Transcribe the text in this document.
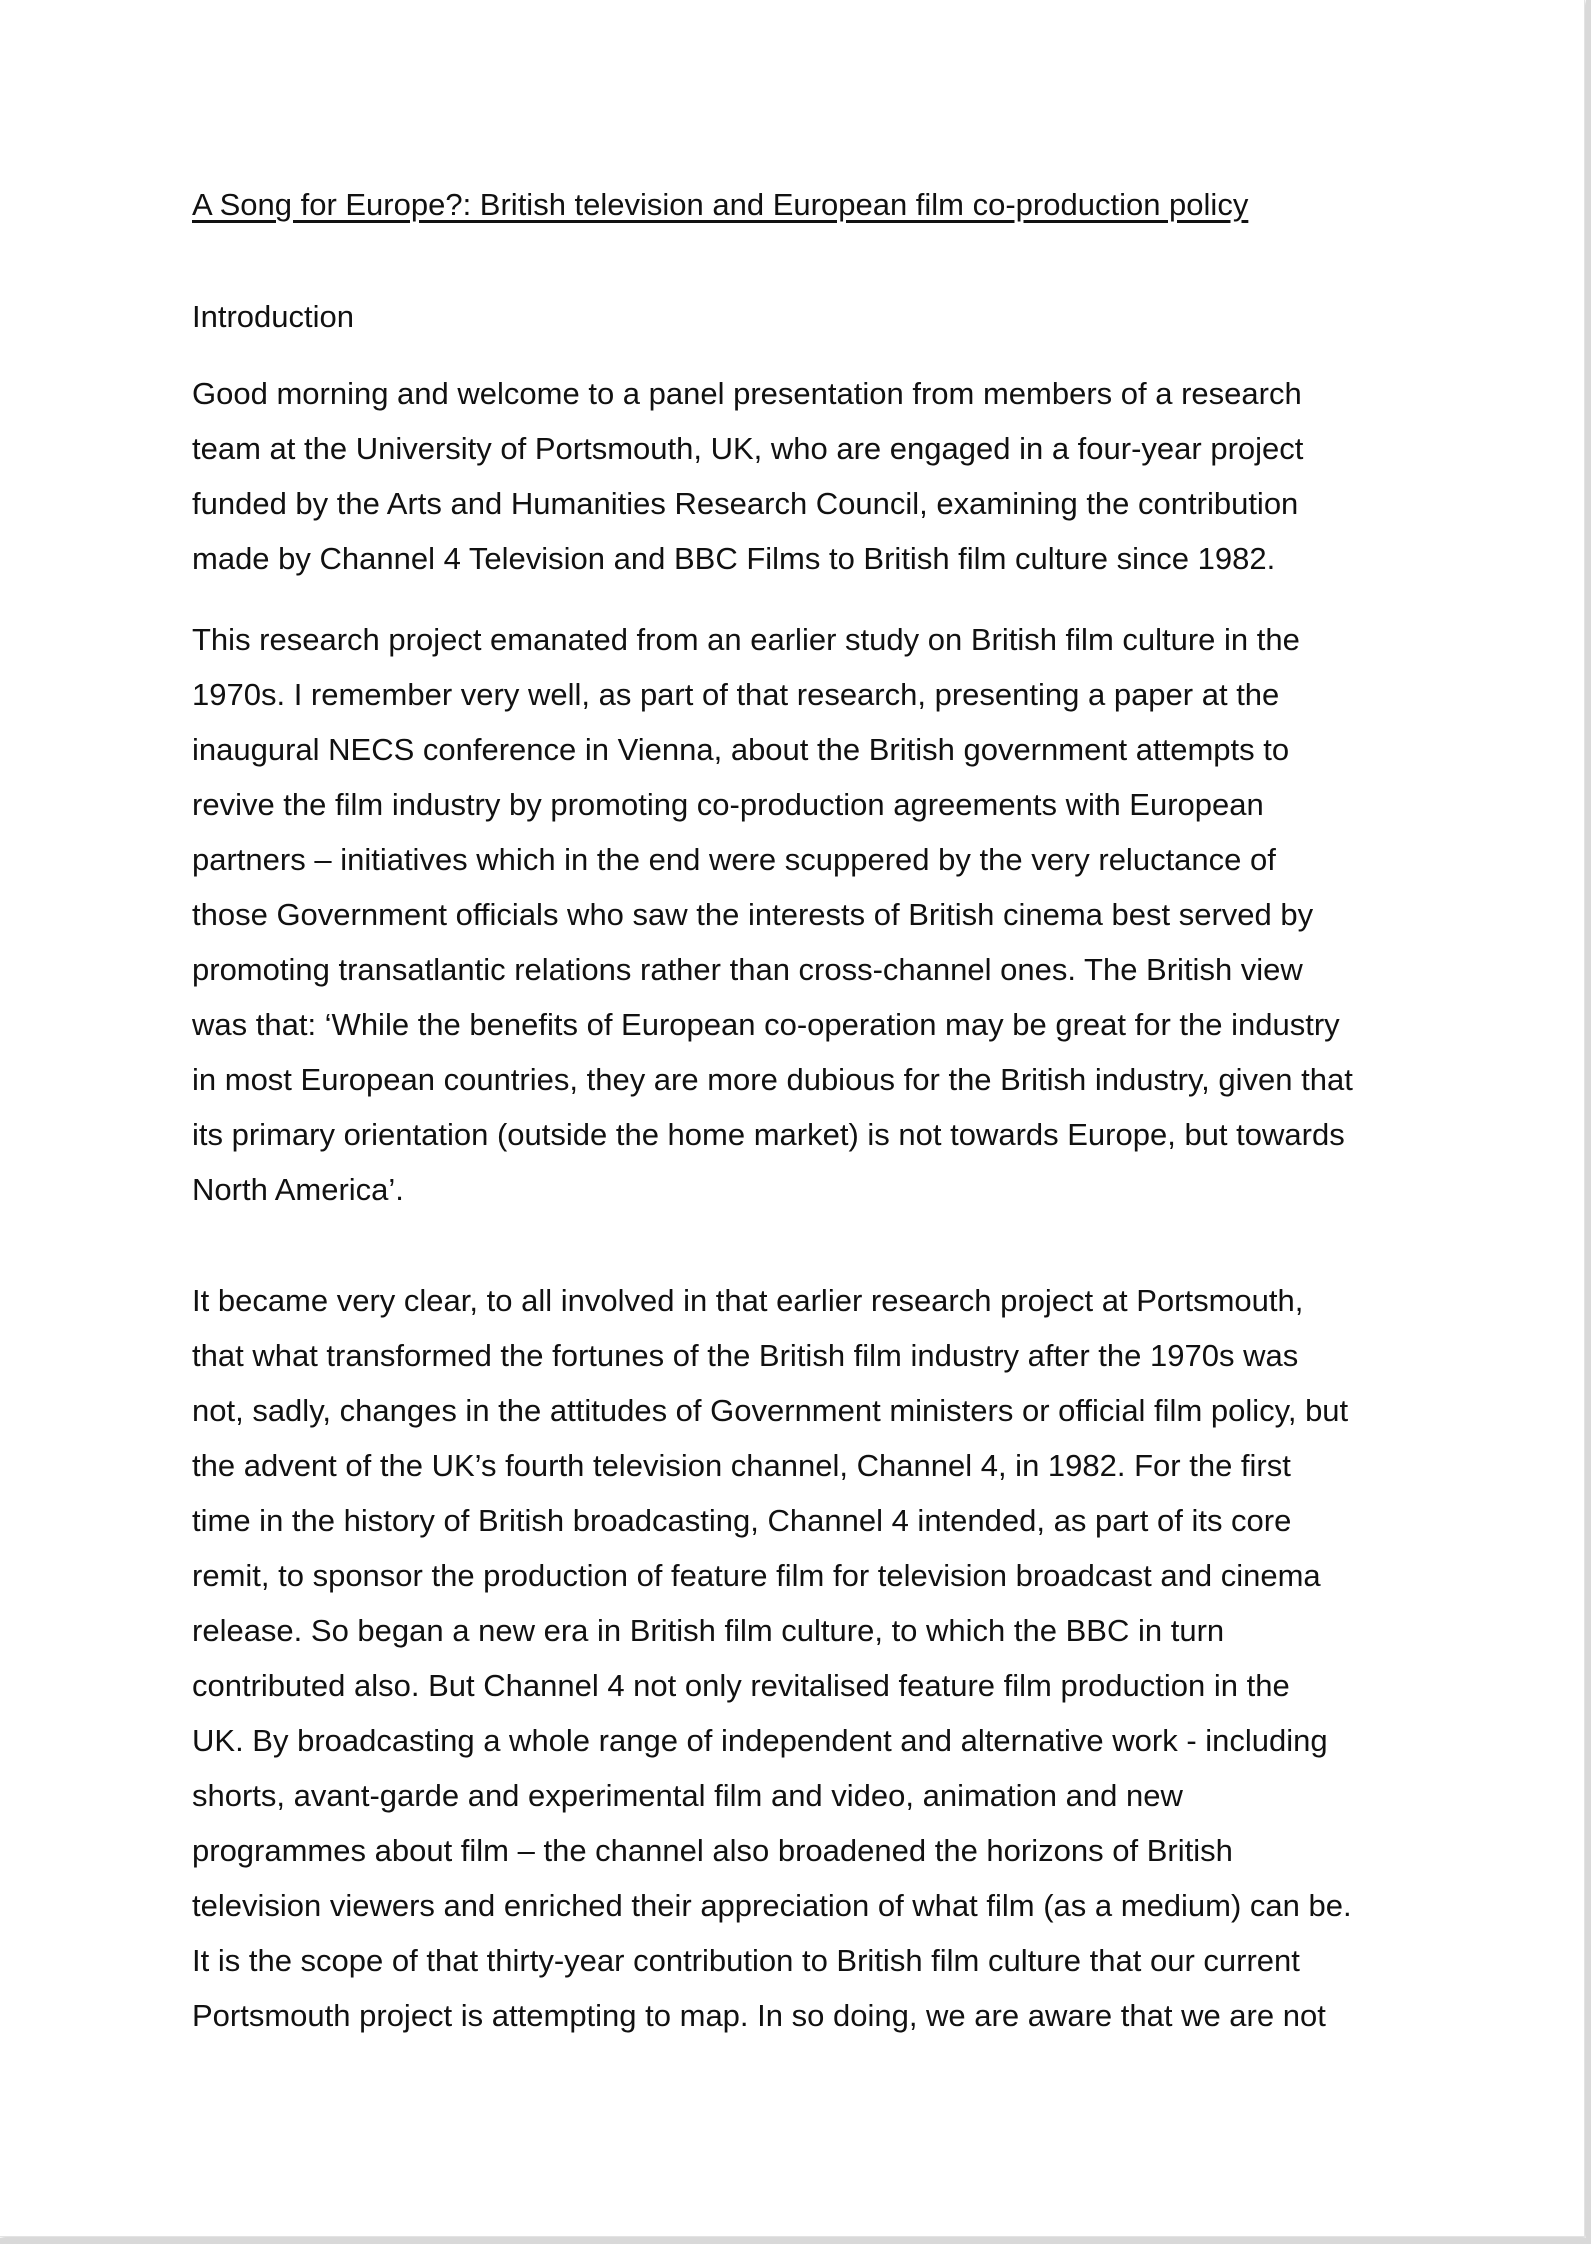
A Song for Europe?: British television and European film co-production policy
Introduction

Good morning and welcome to a panel presentation from members of a research
team at the University of Portsmouth, UK, who are engaged in a four-year project
funded by the Arts and Humanities Research Council, examining the contribution
made by Channel 4 Television and BBC Films to British film culture since 1982.

This research project emanated from an earlier study on British film culture in the
1970s. I remember very well, as part of that research, presenting a paper at the
inaugural NECS conference in Vienna, about the British government attempts to
revive the film industry by promoting co-production agreements with European
partners – initiatives which in the end were scuppered by the very reluctance of
those Government officials who saw the interests of British cinema best served by
promoting transatlantic relations rather than cross-channel ones. The British view
was that: ‘While the benefits of European co-operation may be great for the industry
in most European countries, they are more dubious for the British industry, given that
its primary orientation (outside the home market) is not towards Europe, but towards
North America’.

It became very clear, to all involved in that earlier research project at Portsmouth,
that what transformed the fortunes of the British film industry after the 1970s was
not, sadly, changes in the attitudes of Government ministers or official film policy, but
the advent of the UK’s fourth television channel, Channel 4, in 1982. For the first
time in the history of British broadcasting, Channel 4 intended, as part of its core
remit, to sponsor the production of feature film for television broadcast and cinema
release. So began a new era in British film culture, to which the BBC in turn
contributed also. But Channel 4 not only revitalised feature film production in the
UK. By broadcasting a whole range of independent and alternative work - including
shorts, avant-garde and experimental film and video, animation and new
programmes about film – the channel also broadened the horizons of British
television viewers and enriched their appreciation of what film (as a medium) can be.
It is the scope of that thirty-year contribution to British film culture that our current
Portsmouth project is attempting to map. In so doing, we are aware that we are not
